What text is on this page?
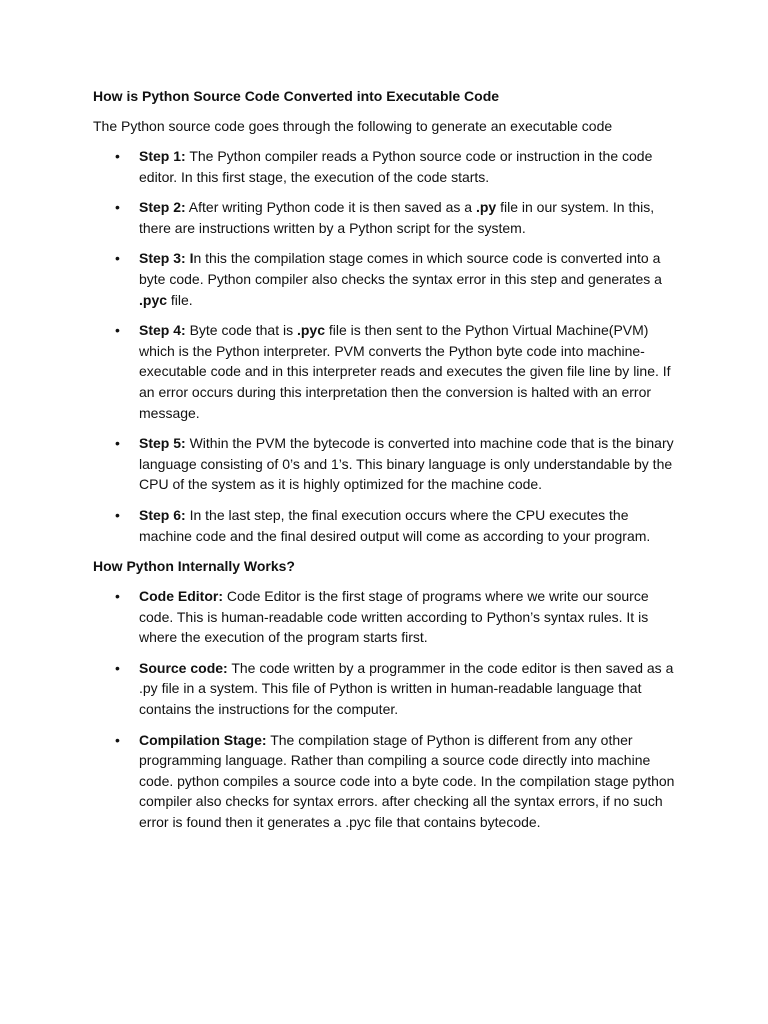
How is Python Source Code Converted into Executable Code

The Python source code goes through the following to generate an executable code

• Step 1: The Python compiler reads a Python source code or instruction in the code editor. In this first stage, the execution of the code starts.
• Step 2: After writing Python code it is then saved as a .py file in our system. In this, there are instructions written by a Python script for the system.
• Step 3: In this the compilation stage comes in which source code is converted into a byte code. Python compiler also checks the syntax error in this step and generates a .pyc file.
• Step 4: Byte code that is .pyc file is then sent to the Python Virtual Machine(PVM) which is the Python interpreter. PVM converts the Python byte code into machine-executable code and in this interpreter reads and executes the given file line by line. If an error occurs during this interpretation then the conversion is halted with an error message.
• Step 5: Within the PVM the bytecode is converted into machine code that is the binary language consisting of 0’s and 1’s. This binary language is only understandable by the CPU of the system as it is highly optimized for the machine code.
• Step 6: In the last step, the final execution occurs where the CPU executes the machine code and the final desired output will come as according to your program.
How Python Internally Works?
• Code Editor: Code Editor is the first stage of programs where we write our source code. This is human-readable code written according to Python’s syntax rules. It is where the execution of the program starts first.
• Source code: The code written by a programmer in the code editor is then saved as a .py file in a system. This file of Python is written in human-readable language that contains the instructions for the computer.
• Compilation Stage: The compilation stage of Python is different from any other programming language. Rather than compiling a source code directly into machine code. python compiles a source code into a byte code. In the compilation stage python compiler also checks for syntax errors. after checking all the syntax errors, if no such error is found then it generates a .pyc file that contains bytecode.
